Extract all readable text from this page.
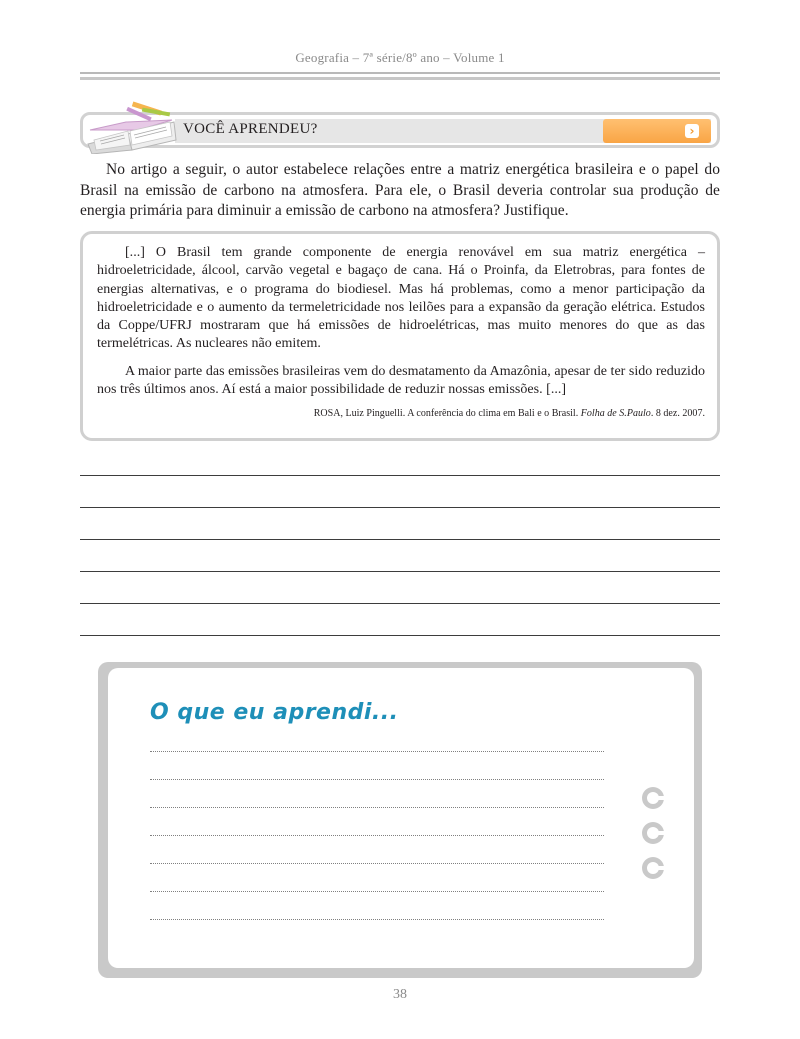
Geografia – 7ª série/8º ano – Volume 1
›
VOCÊ APRENDEU?
No artigo a seguir, o autor estabelece relações entre a matriz energética brasileira e o papel do Brasil na emissão de carbono na atmosfera. Para ele, o Brasil deveria controlar sua produção de energia primária para diminuir a emissão de carbono na atmosfera? Justifique.

[...] O Brasil tem grande componente de energia renovável em sua matriz energética – hidroeletricidade, álcool, carvão vegetal e bagaço de cana. Há o Proinfa, da Eletrobras, para fontes de energias alternativas, e o programa do biodiesel. Mas há problemas, como a menor participação da hidroeletricidade e o aumento da termeletricidade nos leilões para a expansão da geração elétrica. Estudos da Coppe/UFRJ mostraram que há emissões de hidroelétricas, mas muito menores do que as das termelétricas. As nucleares não emitem.

A maior parte das emissões brasileiras vem do desmatamento da Amazônia, apesar de ter sido reduzido nos três últimos anos. Aí está a maior possibilidade de reduzir nossas emissões. [...]

ROSA, Luiz Pinguelli. A conferência do clima em Bali e o Brasil. Folha de S.Paulo. 8 dez. 2007.

O que eu aprendi...
38
